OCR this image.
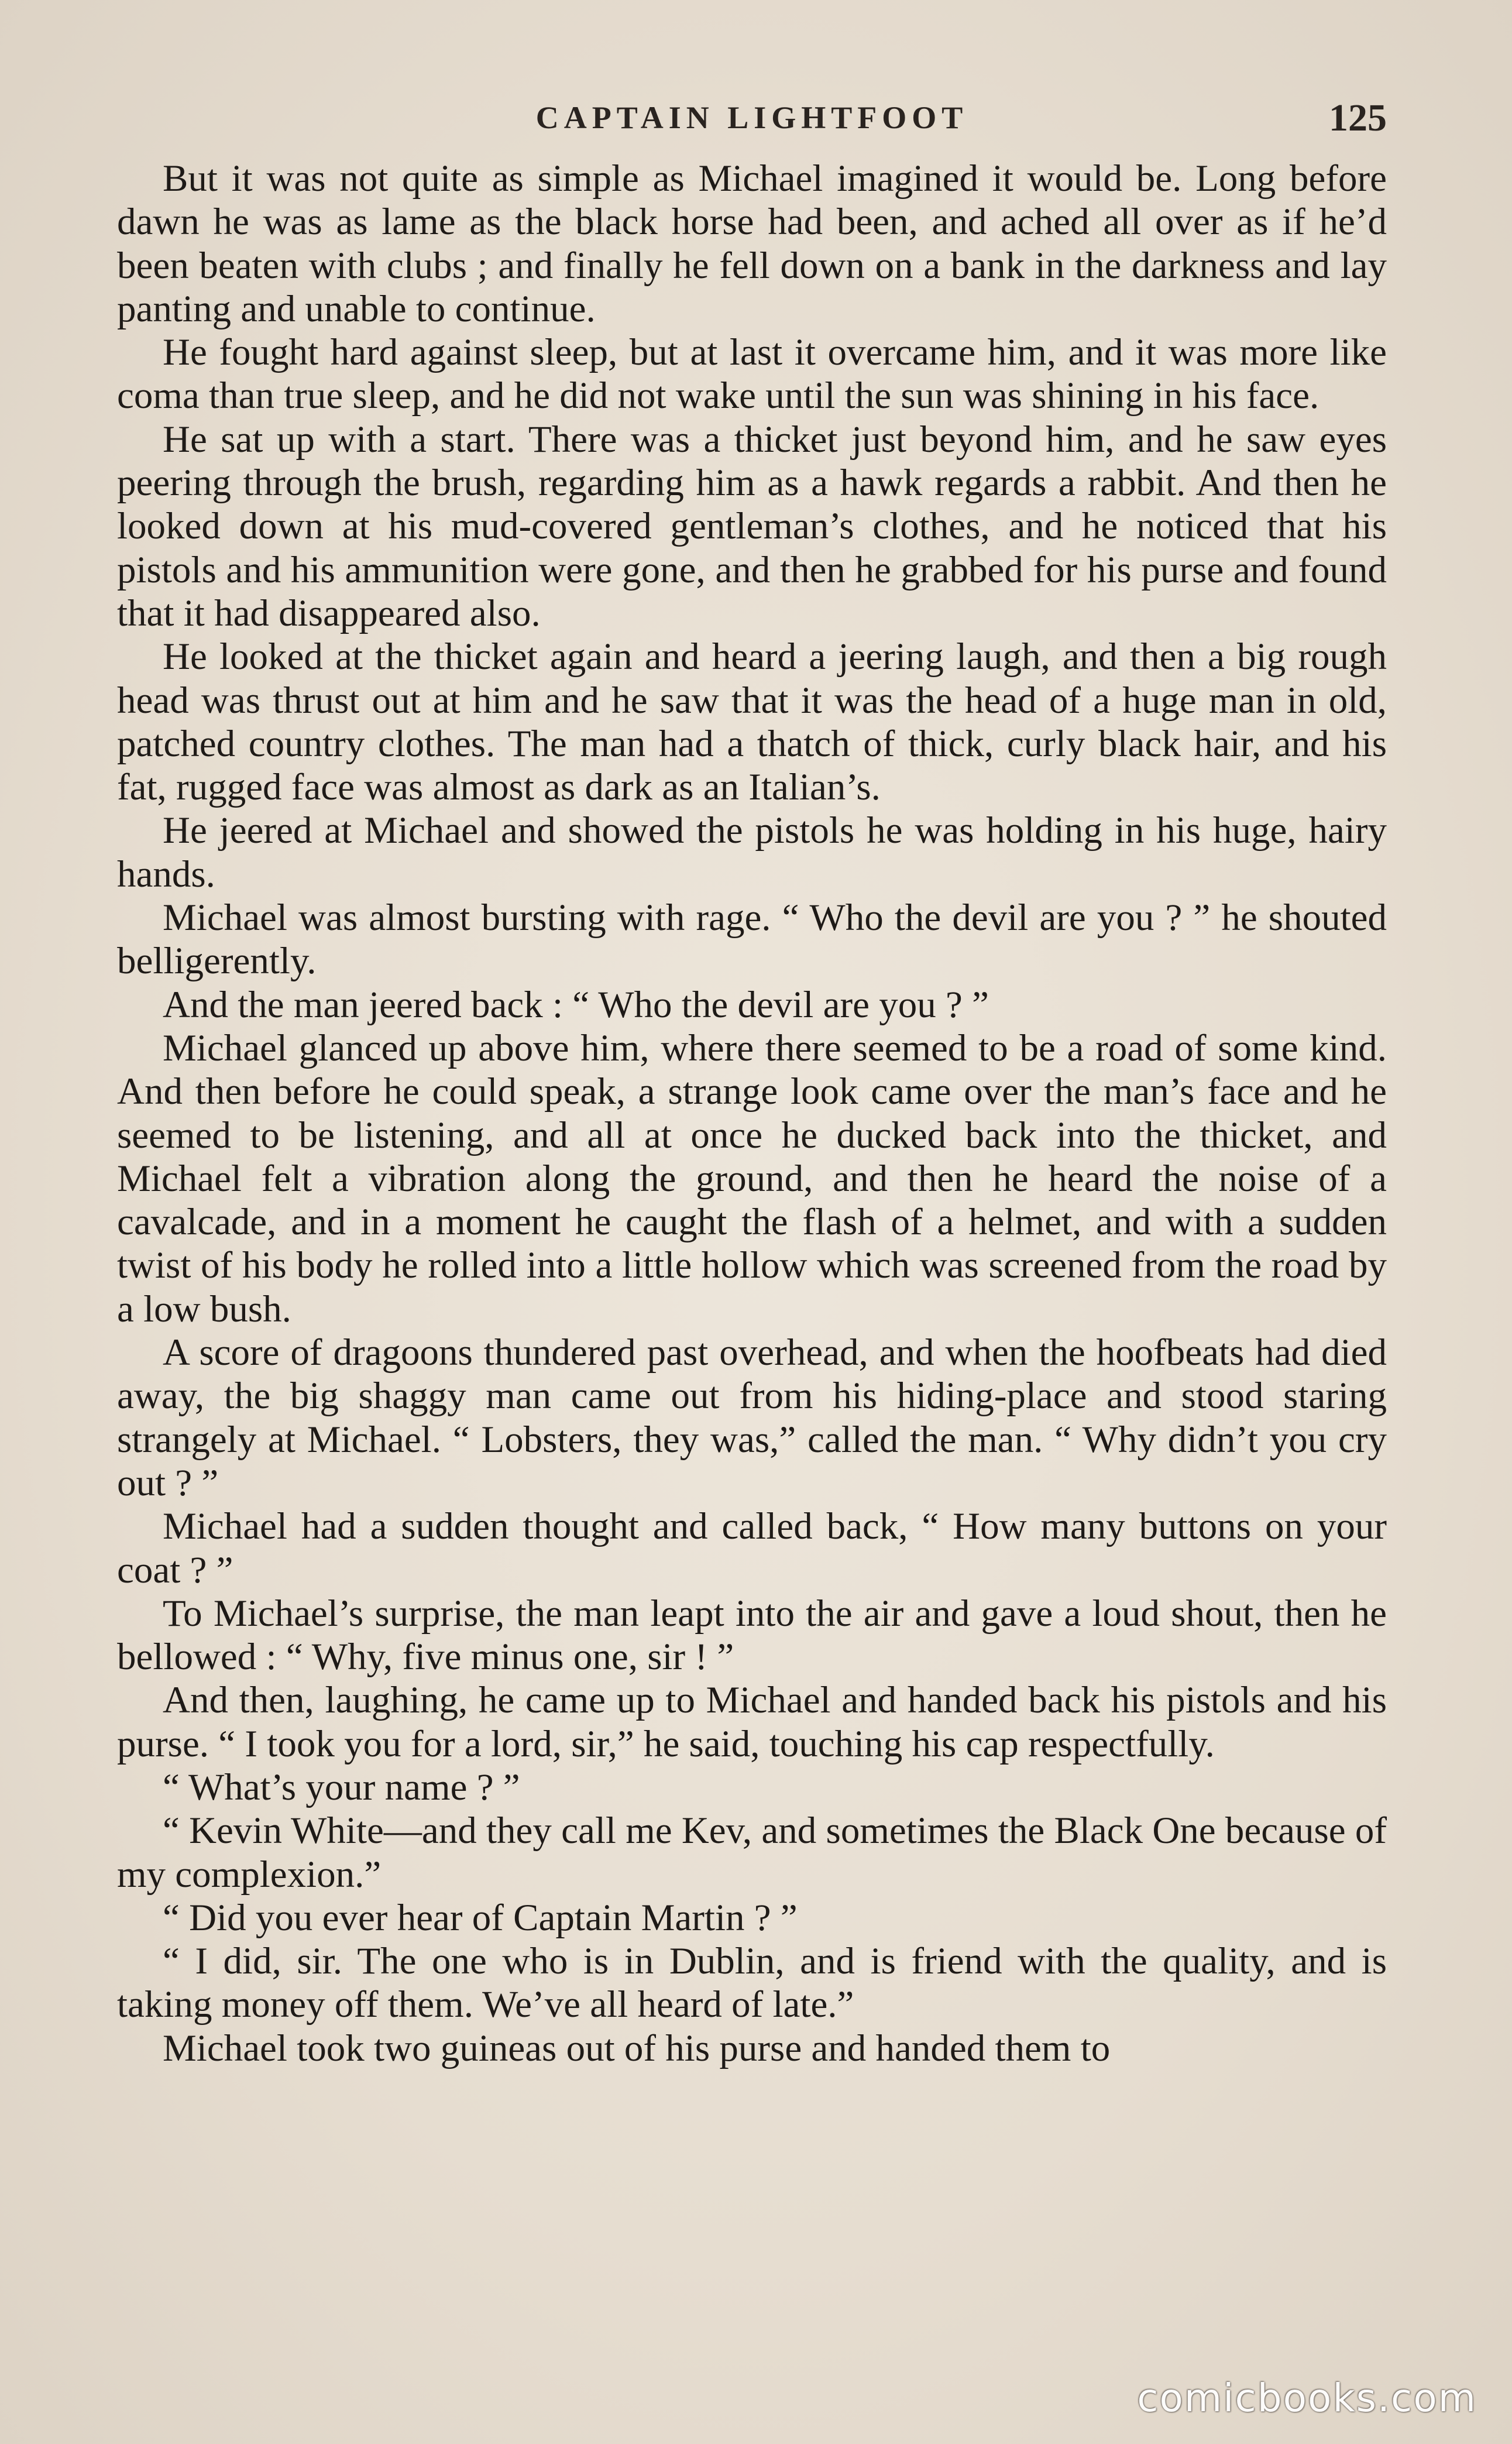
CAPTAIN LIGHTFOOT	125

But it was not quite as simple as Michael imagined it would be. Long before dawn he was as lame as the black horse had been, and ached all over as if he’d been beaten with clubs ; and finally he fell down on a bank in the darkness and lay panting and unable to continue.

He fought hard against sleep, but at last it overcame him, and it was more like coma than true sleep, and he did not wake until the sun was shining in his face.

He sat up with a start. There was a thicket just beyond him, and he saw eyes peering through the brush, regarding him as a hawk regards a rabbit. And then he looked down at his mud-covered gentleman’s clothes, and he noticed that his pistols and his ammunition were gone, and then he grabbed for his purse and found that it had disappeared also.

He looked at the thicket again and heard a jeering laugh, and then a big rough head was thrust out at him and he saw that it was the head of a huge man in old, patched country clothes. The man had a thatch of thick, curly black hair, and his fat, rugged face was almost as dark as an Italian’s.

He jeered at Michael and showed the pistols he was holding in his huge, hairy hands.

Michael was almost bursting with rage. “ Who the devil are you ? ” he shouted belligerently.

And the man jeered back : “ Who the devil are you ? ”

Michael glanced up above him, where there seemed to be a road of some kind. And then before he could speak, a strange look came over the man’s face and he seemed to be listening, and all at once he ducked back into the thicket, and Michael felt a vibration along the ground, and then he heard the noise of a cavalcade, and in a moment he caught the flash of a helmet, and with a sudden twist of his body he rolled into a little hollow which was screened from the road by a low bush.

A score of dragoons thundered past overhead, and when the hoofbeats had died away, the big shaggy man came out from his hiding-place and stood staring strangely at Michael. “ Lobsters, they was,” called the man. “ Why didn’t you cry out ? ”

Michael had a sudden thought and called back, “ How many buttons on your coat ? ”

To Michael’s surprise, the man leapt into the air and gave a loud shout, then he bellowed : “ Why, five minus one, sir ! ”

And then, laughing, he came up to Michael and handed back his pistols and his purse. “ I took you for a lord, sir,” he said, touching his cap respectfully.

“ What’s your name ? ”

“ Kevin White—and they call me Kev, and sometimes the Black One because of my complexion.”

“ Did you ever hear of Captain Martin ? ”

“ I did, sir. The one who is in Dublin, and is friend with the quality, and is taking money off them. We’ve all heard of late.”

Michael took two guineas out of his purse and handed them to

comicbooks.com
